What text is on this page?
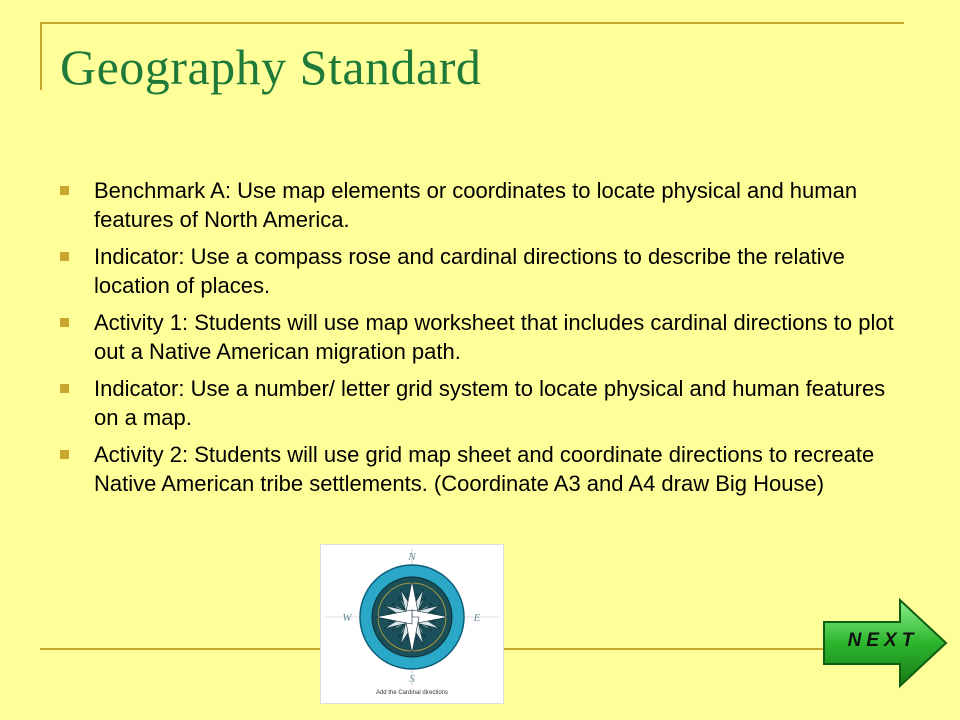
Geography Standard
Benchmark A: Use map elements or coordinates to locate physical and human features of North America.
Indicator: Use a compass rose and cardinal directions to describe the relative location of places.
Activity 1: Students will use map worksheet that includes cardinal directions to plot out a Native American migration path.
Indicator: Use a number/ letter grid system to locate physical and human features on a map.
Activity 2: Students will use grid map sheet and coordinate directions to recreate Native American tribe settlements. (Coordinate A3 and A4 draw Big House)
N
S
E
W
Add the Cardinal directions
NEXT
